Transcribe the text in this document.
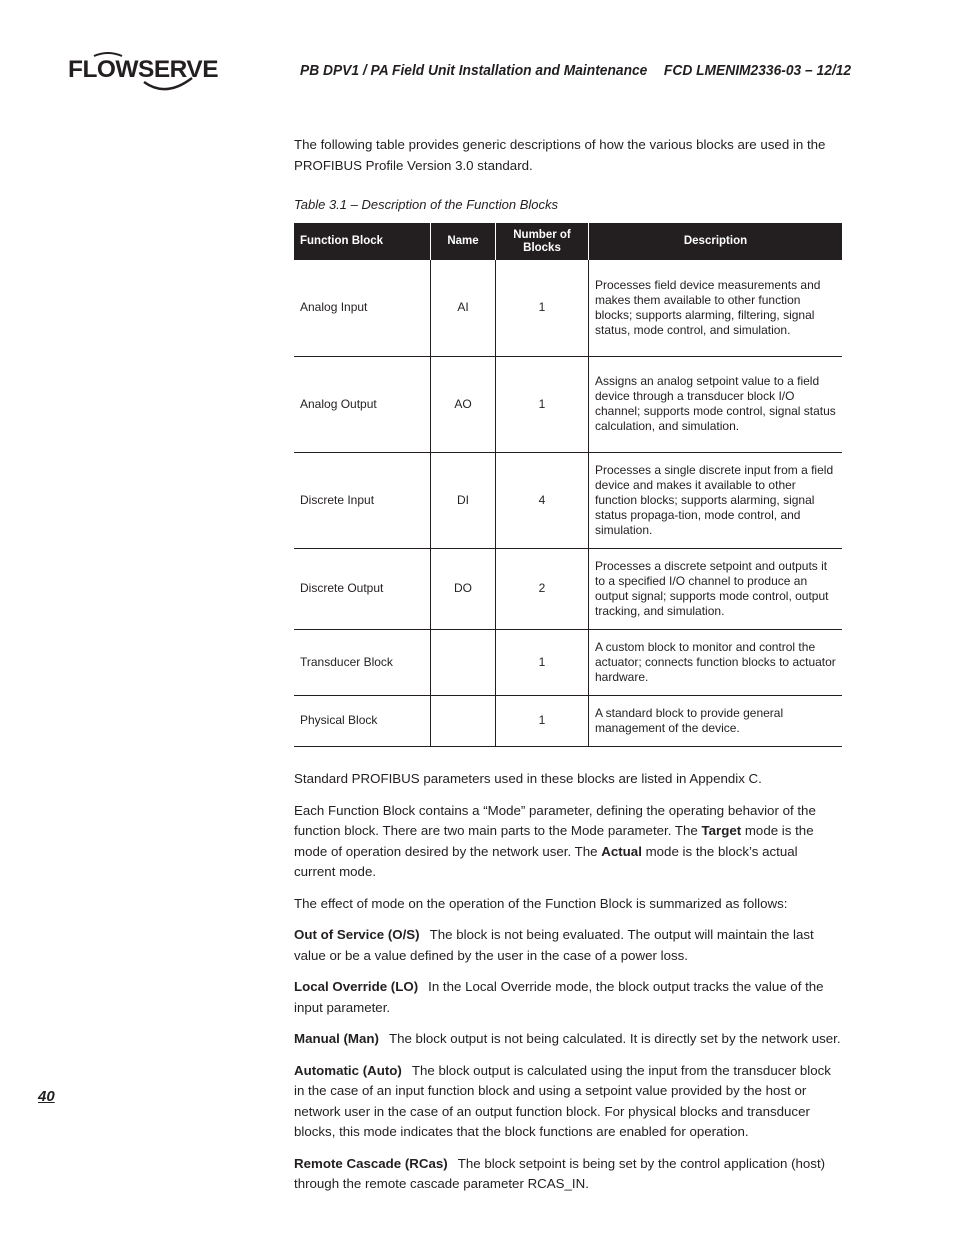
FLOWSERVE	PB DPV1 / PA Field Unit Installation and Maintenance FCD LMENIM2336-03 – 12/12

The following table provides generic descriptions of how the various blocks are used in the PROFIBUS Profile Version 3.0 standard.

Table 3.1 – Description of the Function Blocks
Function Block	Name	Number of Blocks	Description
Analog Input	AI	1	Processes field device measurements and makes them available to other function blocks; supports alarming, filtering, signal status, mode control, and simulation.
Analog Output	AO	1	Assigns an analog setpoint value to a field device through a transducer block I/O channel; supports mode control, signal status calculation, and simulation.
Discrete Input	DI	4	Processes a single discrete input from a field device and makes it available to other function blocks; supports alarming, signal status propaga-tion, mode control, and simulation.
Discrete Output	DO	2	Processes a discrete setpoint and outputs it to a specified I/O channel to produce an output signal; supports mode control, output tracking, and simulation.
Transducer Block		1	A custom block to monitor and control the actuator; connects function blocks to actuator hardware.
Physical Block		1	A standard block to provide general management of the device.

Standard PROFIBUS parameters used in these blocks are listed in Appendix C.

Each Function Block contains a “Mode” parameter, defining the operating behavior of the function block. There are two main parts to the Mode parameter. The Target mode is the mode of operation desired by the network user. The Actual mode is the block’s actual current mode.

The effect of mode on the operation of the Function Block is summarized as follows:

Out of Service (O/S) The block is not being evaluated. The output will maintain the last value or be a value defined by the user in the case of a power loss.

Local Override (LO) In the Local Override mode, the block output tracks the value of the input parameter.

Manual (Man) The block output is not being calculated. It is directly set by the network user.

Automatic (Auto) The block output is calculated using the input from the transducer block in the case of an input function block and using a setpoint value provided by the host or network user in the case of an output function block. For physical blocks and transducer blocks, this mode indicates that the block functions are enabled for operation.

Remote Cascade (RCas) The block setpoint is being set by the control application (host) through the remote cascade parameter RCAS_IN.

40
